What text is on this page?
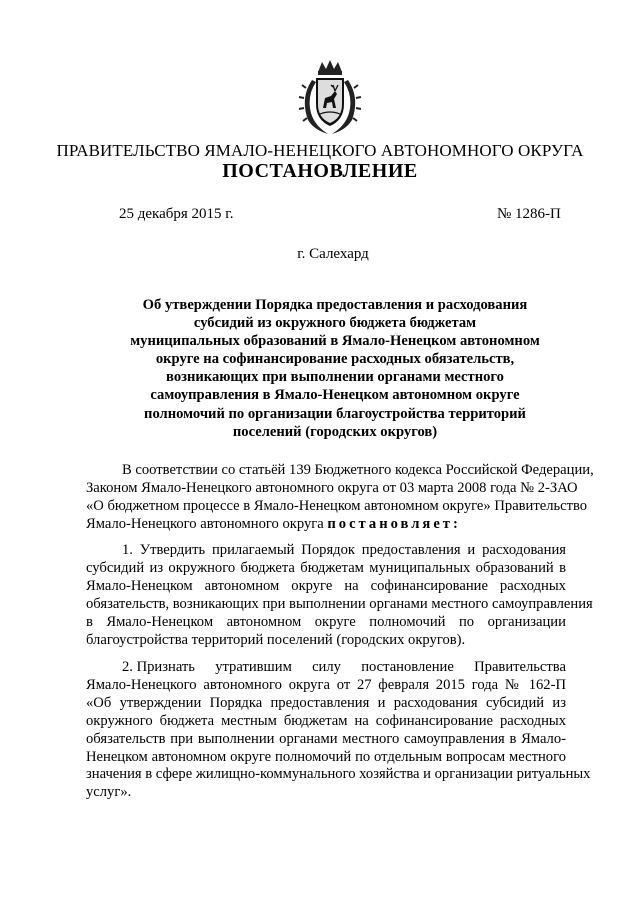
ПРАВИТЕЛЬСТВО ЯМАЛО-НЕНЕЦКОГО АВТОНОМНОГО ОКРУГА
ПОСТАНОВЛЕНИЕ
25 декабря 2015 г.	№ 1286-П
г. Салехард
Об утверждении Порядка предоставления и расходования
субсидий из окружного бюджета бюджетам
муниципальных образований в Ямало-Ненецком автономном
округе на софинансирование расходных обязательств,
возникающих при выполнении органами местного
самоуправления в Ямало-Ненецком автономном округе
полномочий по организации благоустройства территорий
поселений (городских округов)
В соответствии со статьёй 139 Бюджетного кодекса Российской Федерации,
Законом Ямало-Ненецкого автономного округа от 03 марта 2008 года № 2-ЗАО
«О бюджетном процессе в Ямало-Ненецком автономном округе» Правительство
Ямало-Ненецкого автономного округа постановляет:
1. Утвердить прилагаемый Порядок предоставления и расходования
субсидий из окружного бюджета бюджетам муниципальных образований в
Ямало-Ненецком автономном округе на софинансирование расходных
обязательств, возникающих при выполнении органами местного самоуправления
в Ямало-Ненецком автономном округе полномочий по организации
благоустройства территорий поселений (городских округов).
2. Признать утратившим силу постановление Правительства
Ямало-Ненецкого автономного округа от 27 февраля 2015 года № 162-П
«Об утверждении Порядка предоставления и расходования субсидий из
окружного бюджета местным бюджетам на софинансирование расходных
обязательств при выполнении органами местного самоуправления в Ямало-
Ненецком автономном округе полномочий по отдельным вопросам местного
значения в сфере жилищно-коммунального хозяйства и организации ритуальных
услуг».
